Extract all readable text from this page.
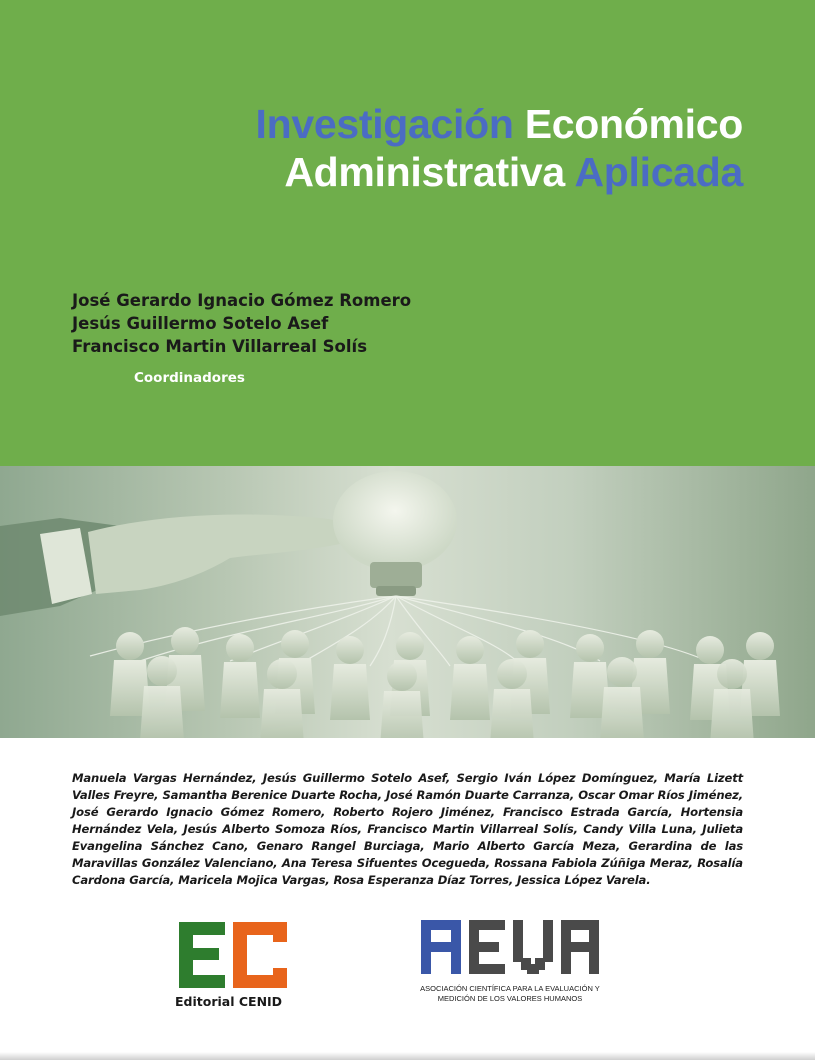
Investigación Económico
Administrativa Aplicada
José Gerardo Ignacio Gómez Romero
Jesús Guillermo Sotelo Asef
Francisco Martin Villarreal Solís
Coordinadores
Manuela Vargas Hernández, Jesús Guillermo Sotelo Asef, Sergio Iván López Domínguez, María Lizett Valles Freyre, Samantha Berenice Duarte Rocha, José Ramón Duarte Carranza, Oscar Omar Ríos Jiménez, José Gerardo Ignacio Gómez Romero, Roberto Rojero Jiménez, Francisco Estrada García, Hortensia Hernández Vela, Jesús Alberto Somoza Ríos, Francisco Martin Villarreal Solís, Candy Villa Luna, Julieta Evangelina Sánchez Cano, Genaro Rangel Burciaga, Mario Alberto García Meza, Gerardina de las Maravillas González Valenciano, Ana Teresa Sifuentes Ocegueda, Rossana Fabiola Zúñiga Meraz, Rosalía Cardona García, Maricela Mojica Vargas, Rosa Esperanza Díaz Torres, Jessica López Varela.
Editorial CENID
ASOCIACIÓN CIENTÍFICA PARA LA EVALUACIÓN Y MEDICIÓN DE LOS VALORES HUMANOS
